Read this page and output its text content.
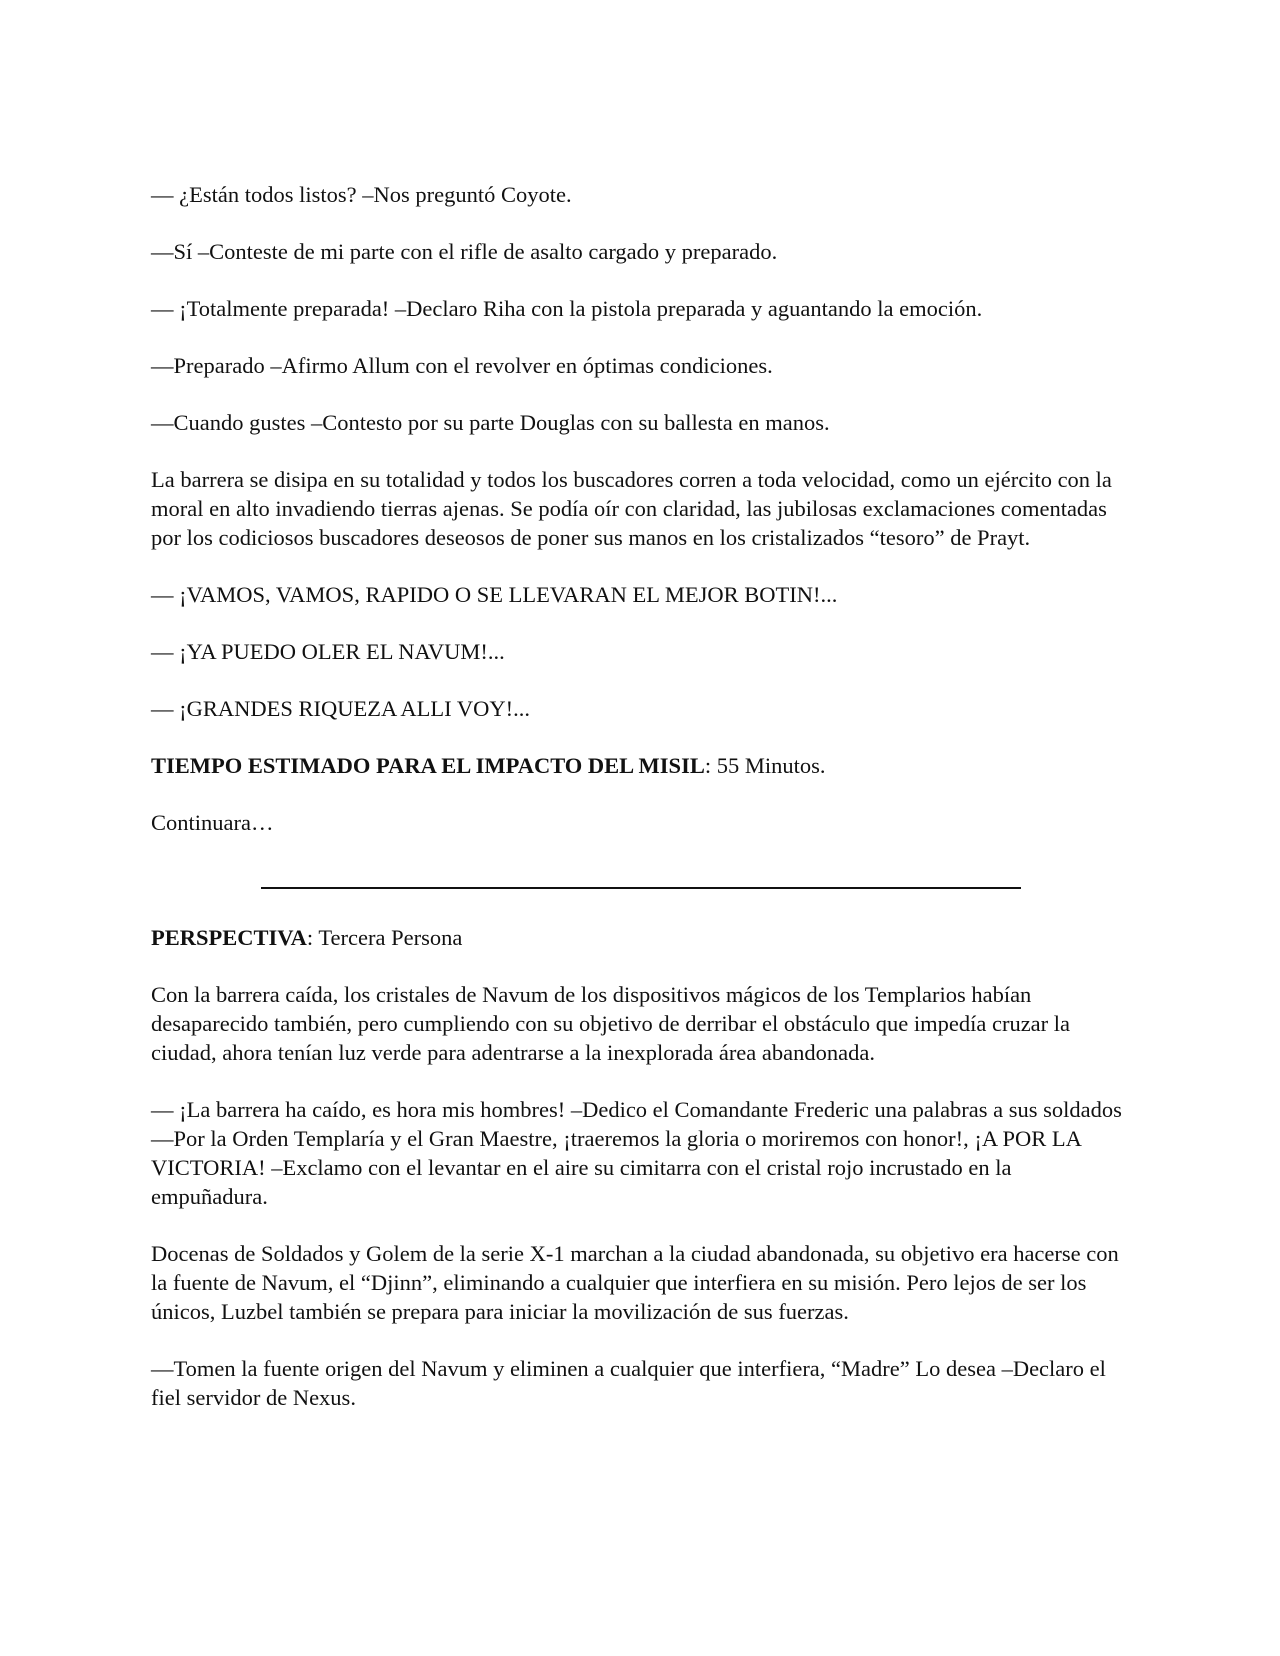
— ¿Están todos listos? –Nos preguntó Coyote.

—Sí –Conteste de mi parte con el rifle de asalto cargado y preparado.

— ¡Totalmente preparada! –Declaro Riha con la pistola preparada y aguantando la emoción.

—Preparado –Afirmo Allum con el revolver en óptimas condiciones.

—Cuando gustes –Contesto por su parte Douglas con su ballesta en manos.

La barrera se disipa en su totalidad y todos los buscadores corren a toda velocidad, como un ejército con la moral en alto invadiendo tierras ajenas. Se podía oír con claridad, las jubilosas exclamaciones comentadas por los codiciosos buscadores deseosos de poner sus manos en los cristalizados “tesoro” de Prayt.

— ¡VAMOS, VAMOS, RAPIDO O SE LLEVARAN EL MEJOR BOTIN!...

— ¡YA PUEDO OLER EL NAVUM!...

— ¡GRANDES RIQUEZA ALLI VOY!...

TIEMPO ESTIMADO PARA EL IMPACTO DEL MISIL: 55 Minutos.

Continuara…

PERSPECTIVA: Tercera Persona

Con la barrera caída, los cristales de Navum de los dispositivos mágicos de los Templarios habían desaparecido también, pero cumpliendo con su objetivo de derribar el obstáculo que impedía cruzar la ciudad, ahora tenían luz verde para adentrarse a la inexplorada área abandonada.

— ¡La barrera ha caído, es hora mis hombres! –Dedico el Comandante Frederic una palabras a sus soldados —Por la Orden Templaría y el Gran Maestre, ¡traeremos la gloria o moriremos con honor!, ¡A POR LA VICTORIA! –Exclamo con el levantar en el aire su cimitarra con el cristal rojo incrustado en la empuñadura.

Docenas de Soldados y Golem de la serie X-1 marchan a la ciudad abandonada, su objetivo era hacerse con la fuente de Navum, el “Djinn”, eliminando a cualquier que interfiera en su misión. Pero lejos de ser los únicos, Luzbel también se prepara para iniciar la movilización de sus fuerzas.

—Tomen la fuente origen del Navum y eliminen a cualquier que interfiera, “Madre” Lo desea –Declaro el fiel servidor de Nexus.
